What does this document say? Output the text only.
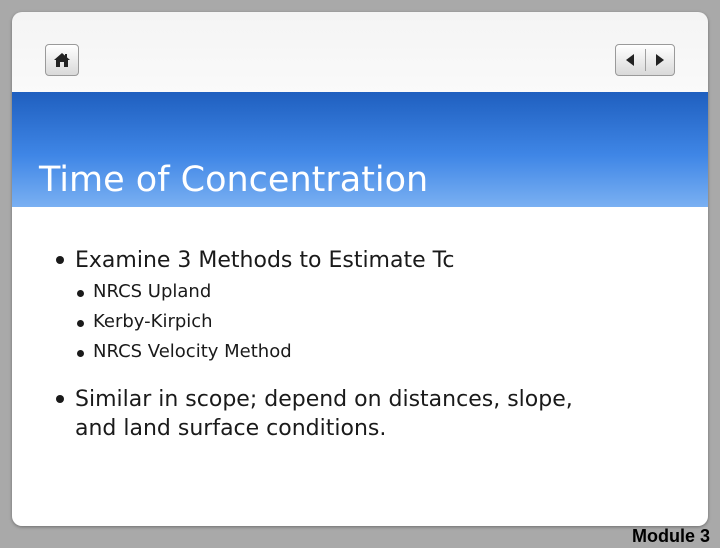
Time of Concentration
Examine 3 Methods to Estimate Tc
NRCS Upland
Kerby-Kirpich
NRCS Velocity Method
Similar in scope; depend on distances, slope,
and land surface conditions.
Module 3
